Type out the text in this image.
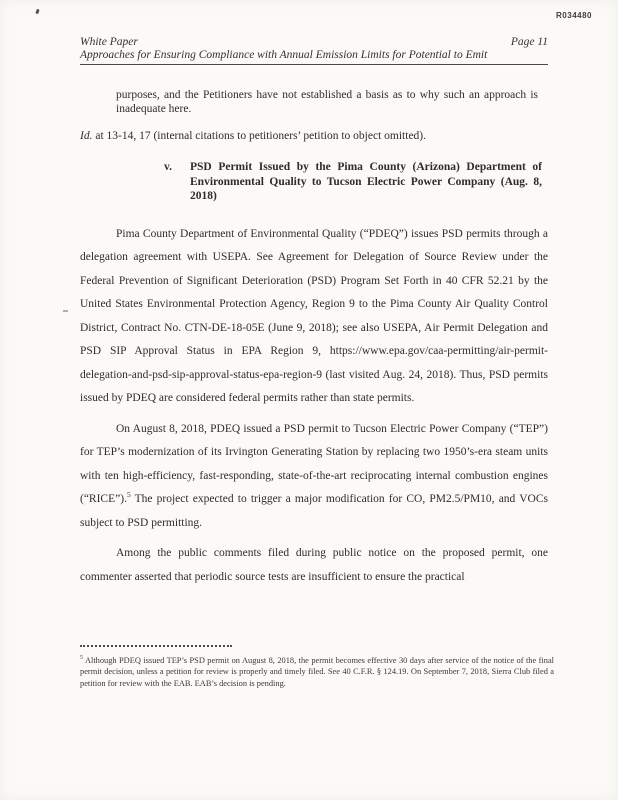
R034480
White Paper	Page 11
Approaches for Ensuring Compliance with Annual Emission Limits for Potential to Emit

purposes, and the Petitioners have not established a basis as to why such an approach is inadequate here.

Id. at 13-14, 17 (internal citations to petitioners’ petition to object omitted).

v.	PSD Permit Issued by the Pima County (Arizona) Department of Environmental Quality to Tucson Electric Power Company (Aug. 8, 2018)

Pima County Department of Environmental Quality (“PDEQ”) issues PSD permits through a delegation agreement with USEPA. See Agreement for Delegation of Source Review under the Federal Prevention of Significant Deterioration (PSD) Program Set Forth in 40 CFR 52.21 by the United States Environmental Protection Agency, Region 9 to the Pima County Air Quality Control District, Contract No. CTN-DE-18-05E (June 9, 2018); see also USEPA, Air Permit Delegation and PSD SIP Approval Status in EPA Region 9, https://www.epa.gov/caa-permitting/air-permit-delegation-and-psd-sip-approval-status-epa-region-9 (last visited Aug. 24, 2018). Thus, PSD permits issued by PDEQ are considered federal permits rather than state permits.

On August 8, 2018, PDEQ issued a PSD permit to Tucson Electric Power Company (“TEP”) for TEP’s modernization of its Irvington Generating Station by replacing two 1950’s-era steam units with ten high-efficiency, fast-responding, state-of-the-art reciprocating internal combustion engines (“RICE”).$^5$ The project expected to trigger a major modification for CO, PM2.5/PM10, and VOCs subject to PSD permitting.

Among the public comments filed during public notice on the proposed permit, one commenter asserted that periodic source tests are insufficient to ensure the practical

$^5$ Although PDEQ issued TEP’s PSD permit on August 8, 2018, the permit becomes effective 30 days after service of the notice of the final permit decision, unless a petition for review is properly and timely filed. See 40 C.F.R. § 124.19. On September 7, 2018, Sierra Club filed a petition for review with the EAB. EAB’s decision is pending.
